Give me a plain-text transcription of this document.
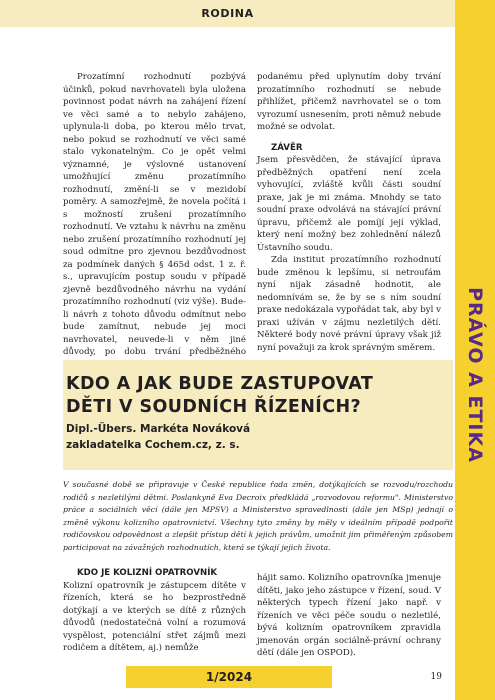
RODINA
PRÁVO A ETIKA

Prozatímní rozhodnutí pozbývá účinků, pokud navrhovateli byla uložena povinnost podat návrh na zahájení řízení ve věci samé a to nebylo zahájeno, uplynula-li doba, po kterou mělo trvat, nebo pokud se rozhodnutí ve věci samé stalo vykonatelným. Co je opět velmi významné, je výslovné ustanovení umožňující změnu prozatímního rozhodnutí, změní-li se v mezidobí poměry. A samozřejmě, že novela počítá i s možností zrušení prozatímního rozhodnutí. Ve vztahu k návrhu na změnu nebo zrušení prozatímního rozhodnutí jej soud odmítne pro zjevnou bezdůvodnost za podmínek daných § 465d odst. 1 z. ř. s., upravujícím postup soudu v případě zjevně bezdůvodného návrhu na vydání prozatímního rozhodnutí (viz výše). Bude-li návrh z tohoto důvodu odmítnut nebo bude zamítnut, nebude jej moci navrhovatel, neuvede-li v něm jiné důvody, po dobu trvání předběžného

podanému před uplynutím doby trvání prozatímního rozhodnutí se nebude přihlížet, přičemž navrhovatel se o tom vyrozumí usnesením, proti němuž nebude možné se odvolat.

ZÁVĚR

Jsem přesvědčen, že stávající úprava předběžných opatření není zcela vyhovující, zvláště kvůli části soudní praxe, jak je mi známa. Mnohdy se tato soudní praxe odvolává na stávající právní úpravu, přičemž ale pomíjí její výklad, který není možný bez zohlednění nálezů Ústavního soudu.

Zda institut prozatímního rozhodnutí bude změnou k lepšímu, si netroufám nyní nijak zásadně hodnotit, ale nedomnívám se, že by se s ním soudní praxe nedokázala vypořádat tak, aby byl v praxi užíván v zájmu nezletilých dětí. Některé body nové právní úpravy však již nyní považuji za krok správným směrem.

KDO A JAK BUDE ZASTUPOVAT
DĚTI V SOUDNÍCH ŘÍZENÍCH?
Dipl.-Übers. Markéta Nováková
zakladatelka Cochem.cz, z. s.
V současné době se připravuje v České republice řada změn, dotýkajících se rozvodu/rozchodu rodičů s nezletilými dětmi. Poslankyně Eva Decroix předkládá „rozvodovou reformu". Ministerstvo práce a sociálních věcí (dále jen MPSV) a Ministerstvo spravedlnosti (dále jen MSp) jednají o změně výkonu kolizního opatrovnictví. Všechny tyto změny by měly v ideálním případě podpořit rodičovskou odpovědnost a zlepšit přístup dětí k jejich právům, umožnit jim přiměřeným způsobem participovat na závažných rozhodnutích, která se týkají jejich života.

KDO JE KOLIZNÍ OPATROVNÍK

Kolizní opatrovník je zástupcem dítěte v řízeních, která se ho bezprostředně dotýkají a ve kterých se dítě z různých důvodů (nedostatečná volní a rozumová vyspělost, potenciální střet zájmů mezi rodičem a dítětem, aj.) nemůže

hájit samo. Kolizního opatrovníka jmenuje dítěti, jako jeho zástupce v řízení, soud. V některých typech řízení jako např. v řízeních ve věci péče soudu o nezletilé, bývá kolizním opatrovníkem zpravidla jmenován orgán sociálně-právní ochrany dětí (dále jen OSPOD).

1/2024	19
